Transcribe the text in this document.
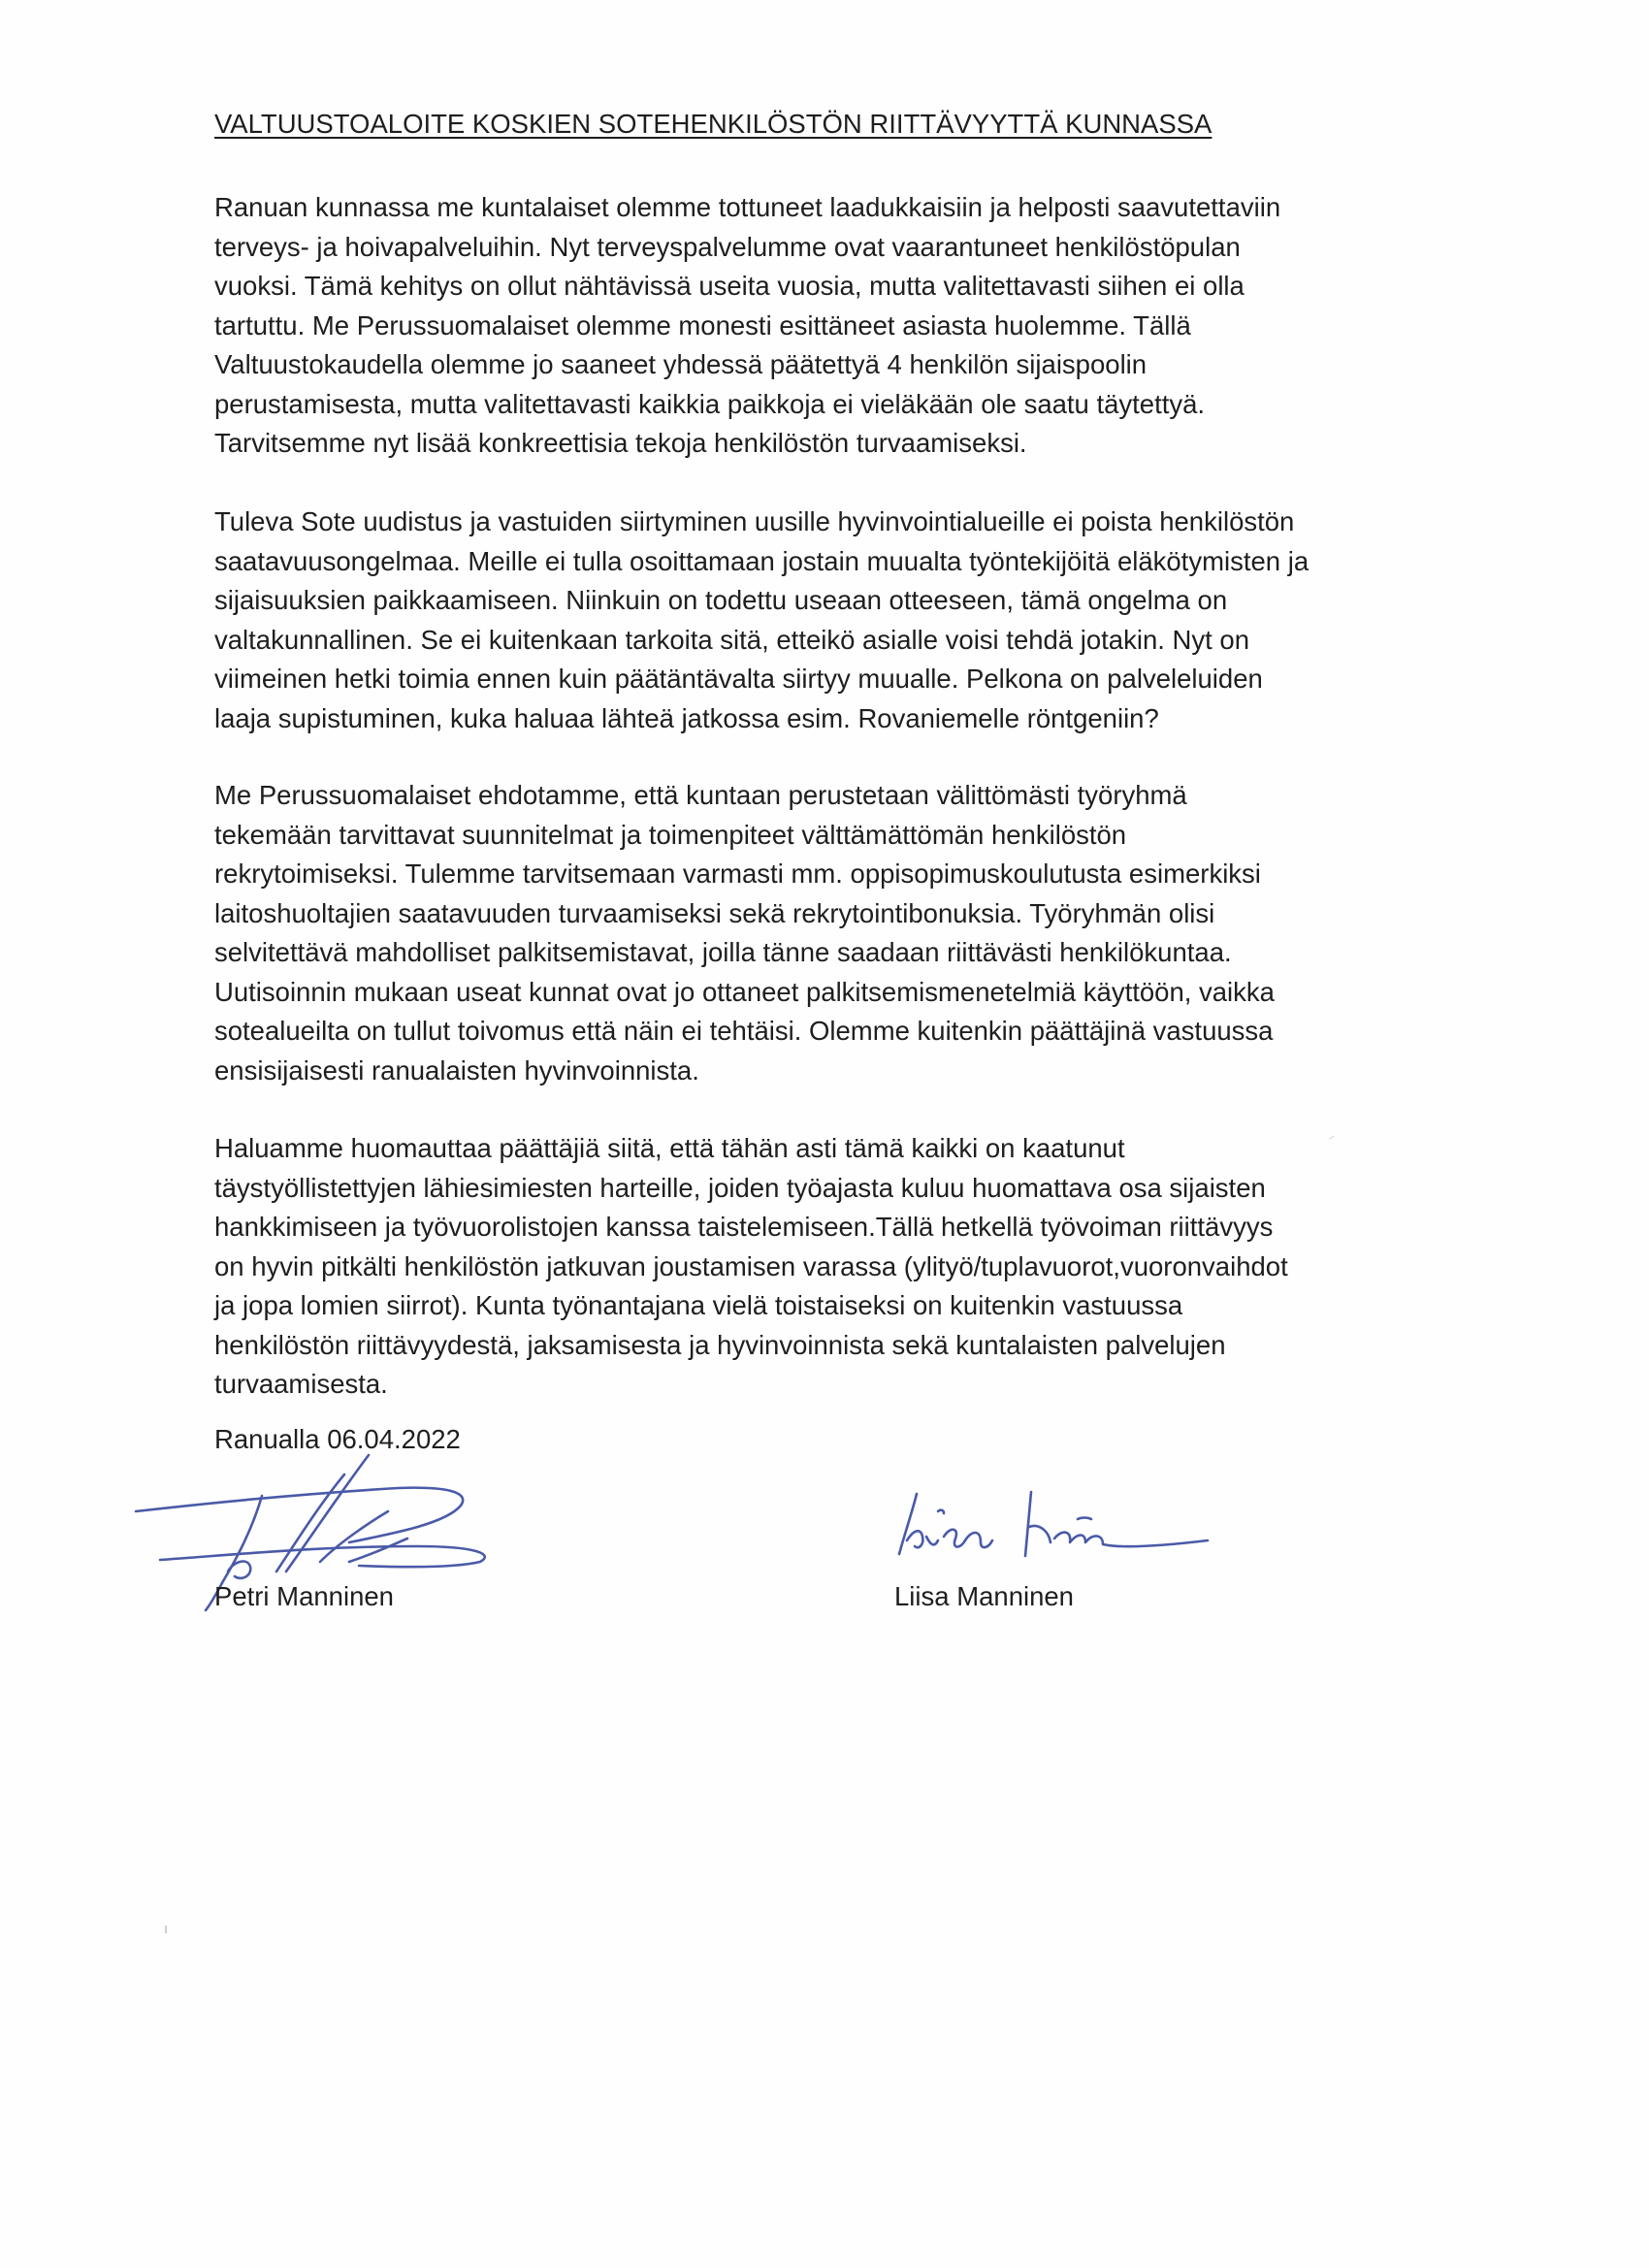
VALTUUSTOALOITE KOSKIEN SOTEHENKILÖSTÖN RIITTÄVYYTTÄ KUNNASSA
Ranuan kunnassa me kuntalaiset olemme tottuneet laadukkaisiin ja helposti saavutettaviin
terveys- ja hoivapalveluihin. Nyt terveyspalvelumme ovat vaarantuneet henkilöstöpulan
vuoksi. Tämä kehitys on ollut nähtävissä useita vuosia, mutta valitettavasti siihen ei olla
tartuttu. Me Perussuomalaiset olemme monesti esittäneet asiasta huolemme. Tällä
Valtuustokaudella olemme jo saaneet yhdessä päätettyä 4 henkilön sijaispoolin
perustamisesta, mutta valitettavasti kaikkia paikkoja ei vieläkään ole saatu täytettyä.
Tarvitsemme nyt lisää konkreettisia tekoja henkilöstön turvaamiseksi.
Tuleva Sote uudistus ja vastuiden siirtyminen uusille hyvinvointialueille ei poista henkilöstön
saatavuusongelmaa. Meille ei tulla osoittamaan jostain muualta työntekijöitä eläkötymisten ja
sijaisuuksien paikkaamiseen. Niinkuin on todettu useaan otteeseen, tämä ongelma on
valtakunnallinen. Se ei kuitenkaan tarkoita sitä, etteikö asialle voisi tehdä jotakin. Nyt on
viimeinen hetki toimia ennen kuin päätäntävalta siirtyy muualle. Pelkona on palveleluiden
laaja supistuminen, kuka haluaa lähteä jatkossa esim. Rovaniemelle röntgeniin?
Me Perussuomalaiset ehdotamme, että kuntaan perustetaan välittömästi työryhmä
tekemään tarvittavat suunnitelmat ja toimenpiteet välttämättömän henkilöstön
rekrytoimiseksi. Tulemme tarvitsemaan varmasti mm. oppisopimuskoulutusta esimerkiksi
laitoshuoltajien saatavuuden turvaamiseksi sekä rekrytointibonuksia. Työryhmän olisi
selvitettävä mahdolliset palkitsemistavat, joilla tänne saadaan riittävästi henkilökuntaa.
Uutisoinnin mukaan useat kunnat ovat jo ottaneet palkitsemismenetelmiä käyttöön, vaikka
sotealueilta on tullut toivomus että näin ei tehtäisi. Olemme kuitenkin päättäjinä vastuussa
ensisijaisesti ranualaisten hyvinvoinnista.
Haluamme huomauttaa päättäjiä siitä, että tähän asti tämä kaikki on kaatunut
täystyöllistettyjen lähiesimiesten harteille, joiden työajasta kuluu huomattava osa sijaisten
hankkimiseen ja työvuorolistojen kanssa taistelemiseen.Tällä hetkellä työvoiman riittävyys
on hyvin pitkälti henkilöstön jatkuvan joustamisen varassa (ylityö/tuplavuorot,vuoronvaihdot
ja jopa lomien siirrot). Kunta työnantajana vielä toistaiseksi on kuitenkin vastuussa
henkilöstön riittävyydestä, jaksamisesta ja hyvinvoinnista sekä kuntalaisten palvelujen
turvaamisesta.
Ranualla 06.04.2022
Petri Manninen	Liisa Manninen
